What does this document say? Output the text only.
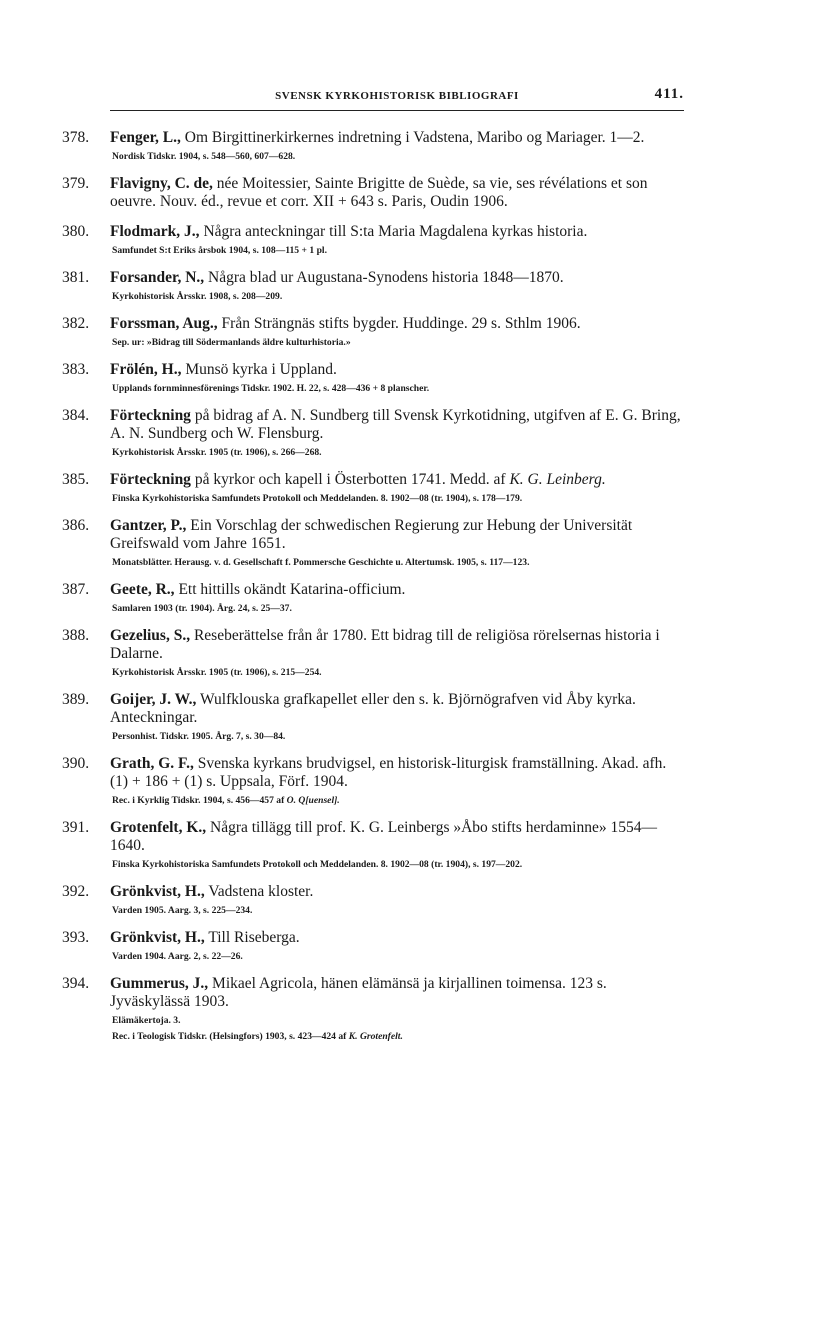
SVENSK KYRKOHISTORISK BIBLIOGRAFI	411.
378.	Fenger, L., Om Birgittinerkirkernes indretning i Vadstena, Maribo og Mariager. 1—2.
Nordisk Tidskr. 1904, s. 548—560, 607—628.
379.	Flavigny, C. de, née Moitessier, Sainte Brigitte de Suède, sa vie, ses révélations et son oeuvre. Nouv. éd., revue et corr. XII + 643 s. Paris, Oudin 1906.
380.	Flodmark, J., Några anteckningar till S:ta Maria Magdalena kyrkas historia.
Samfundet S:t Eriks årsbok 1904, s. 108—115 + 1 pl.
381.	Forsander, N., Några blad ur Augustana-Synodens historia 1848—1870.
Kyrkohistorisk Årsskr. 1908, s. 208—209.
382.	Forssman, Aug., Från Strängnäs stifts bygder. Huddinge. 29 s. Sthlm 1906.
Sep. ur: »Bidrag till Södermanlands äldre kulturhistoria.»
383.	Frölén, H., Munsö kyrka i Uppland.
Upplands fornminnesförenings Tidskr. 1902. H. 22, s. 428—436 + 8 planscher.
384.	Förteckning på bidrag af A. N. Sundberg till Svensk Kyrkotidning, utgifven af E. G. Bring, A. N. Sundberg och W. Flensburg.
Kyrkohistorisk Årsskr. 1905 (tr. 1906), s. 266—268.
385.	Förteckning på kyrkor och kapell i Österbotten 1741. Medd. af K. G. Leinberg.
Finska Kyrkohistoriska Samfundets Protokoll och Meddelanden. 8. 1902—08 (tr. 1904), s. 178—179.
386.	Gantzer, P., Ein Vorschlag der schwedischen Regierung zur Hebung der Universität Greifswald vom Jahre 1651.
Monatsblätter. Herausg. v. d. Gesellschaft f. Pommersche Geschichte u. Altertumsk. 1905, s. 117—123.
387.	Geete, R., Ett hittills okändt Katarina-officium.
Samlaren 1903 (tr. 1904). Årg. 24, s. 25—37.
388.	Gezelius, S., Reseberättelse från år 1780. Ett bidrag till de religiösa rörelsernas historia i Dalarne.
Kyrkohistorisk Årsskr. 1905 (tr. 1906), s. 215—254.
389.	Goijer, J. W., Wulfklouska grafkapellet eller den s. k. Björnögrafven vid Åby kyrka. Anteckningar.
Personhist. Tidskr. 1905. Årg. 7, s. 30—84.
390.	Grath, G. F., Svenska kyrkans brudvigsel, en historisk-liturgisk framställning. Akad. afh. (1) + 186 + (1) s. Uppsala, Förf. 1904.
Rec. i Kyrklig Tidskr. 1904, s. 456—457 af O. Q[uensel].
391.	Grotenfelt, K., Några tillägg till prof. K. G. Leinbergs »Åbo stifts herdaminne» 1554—1640.
Finska Kyrkohistoriska Samfundets Protokoll och Meddelanden. 8. 1902—08 (tr. 1904), s. 197—202.
392.	Grönkvist, H., Vadstena kloster.
Varden 1905. Aarg. 3, s. 225—234.
393.	Grönkvist, H., Till Riseberga.
Varden 1904. Aarg. 2, s. 22—26.
394.	Gummerus, J., Mikael Agricola, hänen elämänsä ja kirjallinen toimensa. 123 s. Jyväskylässä 1903.
Elämäkertoja. 3.
Rec. i Teologisk Tidskr. (Helsingfors) 1903, s. 423—424 af K. Grotenfelt.
